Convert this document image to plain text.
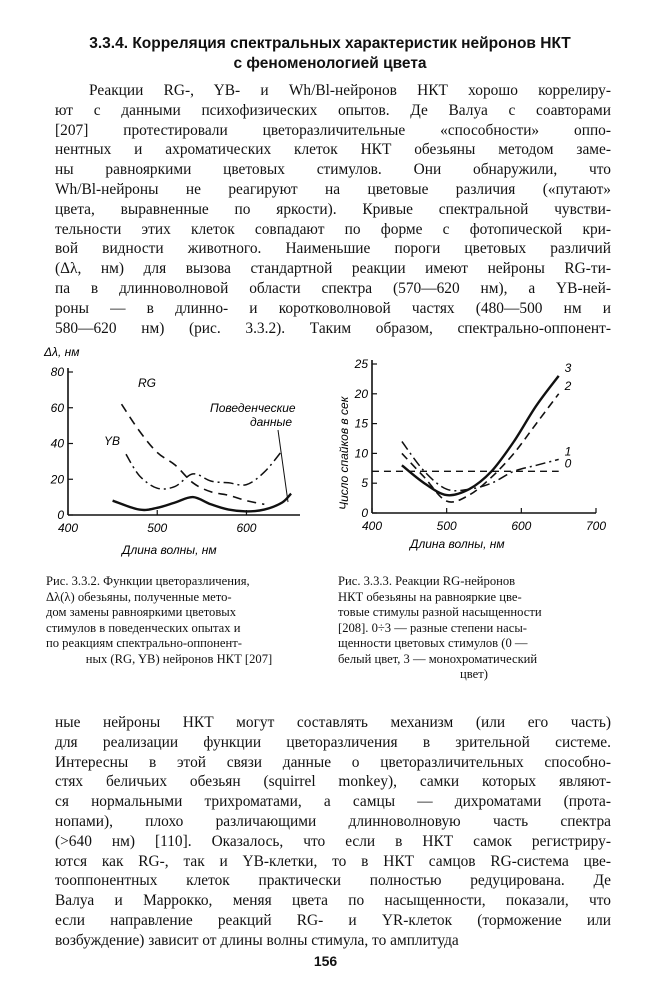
3.3.4. Корреляция спектральных характеристик нейронов НКТ
с феноменологией цвета
Реакции RG-, YB- и Wh/Bl-нейронов НКТ хорошо коррелиру-
ют с данными психофизических опытов. Де Валуа с соавторами
[207] протестировали цветоразличительные «способности» оппо-
нентных и ахроматических клеток НКТ обезьяны методом заме-
ны равнояркими цветовых стимулов. Они обнаружили, что
Wh/Bl-нейроны не реагируют на цветовые различия («путают»
цвета, выравненные по яркости). Кривые спектральной чувстви-
тельности этих клеток совпадают по форме с фотопической кри-
вой видности животного. Наименьшие пороги цветовых различий
(Δλ, нм) для вызова стандартной реакции имеют нейроны RG-ти-
па в длинноволновой области спектра (570—620 нм), а YB-ней-
роны — в длинно- и коротковолновой частях (480—500 нм и
580—620 нм) (рис. 3.3.2). Таким образом, спектрально-оппонент-
Δλ, нм
80
60
40
20
0
400	500	600
RG
YB
Поведенческие
данные
Длина волны, нм
Число спайков в сек
25
20
15
10
5
0
400	500	600	700
3
2
1
0
Длина волны, нм
Рис. 3.3.2. Функции цветоразличения,
Δλ(λ) обезьяны, полученные мето-
дом замены равнояркими цветовых
стимулов в поведенческих опытах и
по реакциям спектрально-оппонент-
ных (RG, YB) нейронов НКТ [207]
Рис. 3.3.3. Реакции RG-нейронов
НКТ обезьяны на равнояркие цве-
товые стимулы разной насыщенности
[208]. 0÷3 — разные степени насы-
щенности цветовых стимулов (0 —
белый цвет, 3 — монохроматический
цвет)
ные нейроны НКТ могут составлять механизм (или его часть)
для реализации функции цветоразличения в зрительной системе.
Интересны в этой связи данные о цветоразличительных способно-
стях беличьих обезьян (squirrel monkey), самки которых являют-
ся нормальными трихроматами, а самцы — дихроматами (прота-
нопами), плохо различающими длинноволновую часть спектра
(>640 нм) [110]. Оказалось, что если в НКТ самок регистриру-
ются как RG-, так и YB-клетки, то в НКТ самцов RG-система цве-
тооппонентных клеток практически полностью редуцирована. Де
Валуа и Маррокко, меняя цвета по насыщенности, показали, что
если направление реакций RG- и YR-клеток (торможение или
возбуждение) зависит от длины волны стимула, то амплитуда
156
